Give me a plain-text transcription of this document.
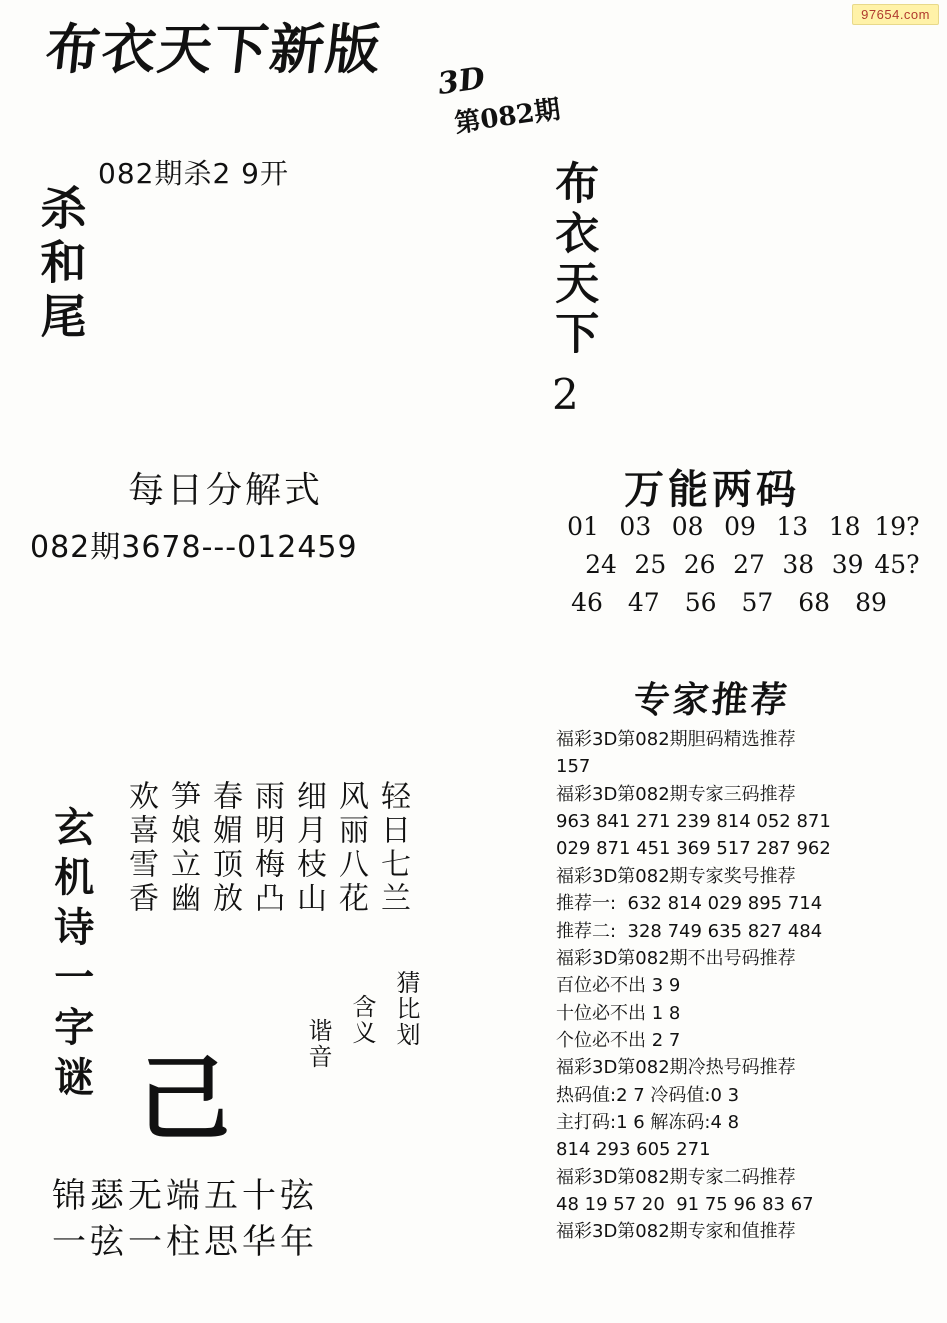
97654.com
布衣天下新版
3D
第082期
082期杀2 9开
杀和尾
每日分解式
082期3678---012459
布衣天下
2
万能两码
01 03 08 09 13 18 19?
24 25 26 27 38 39 45?
46 47 56 57 68 89
专家推荐
福彩3D第082期胆码精选推荐
157
福彩3D第082期专家三码推荐
963 841 271 239 814 052 871
029 871 451 369 517 287 962
福彩3D第082期专家奖号推荐
推荐一:  632 814 029 895 714
推荐二:  328 749 635 827 484
福彩3D第082期不出号码推荐
百位必不出 3 9
十位必不出 1 8
个位必不出 2 7
福彩3D第082期冷热号码推荐
热码值:2 7 冷码值:0 3
主打码:1 6 解冻码:4 8
814 293 605 271
福彩3D第082期专家二码推荐
48 19 57 20  91 75 96 83 67
福彩3D第082期专家和值推荐
玄机诗一字谜	轻日七兰
风丽八花
细月枝山
雨明梅凸
春媚顶放
笋娘立幽
欢喜雪香
己
猜比划
含义
谐音
锦瑟无端五十弦
一弦一柱思华年
